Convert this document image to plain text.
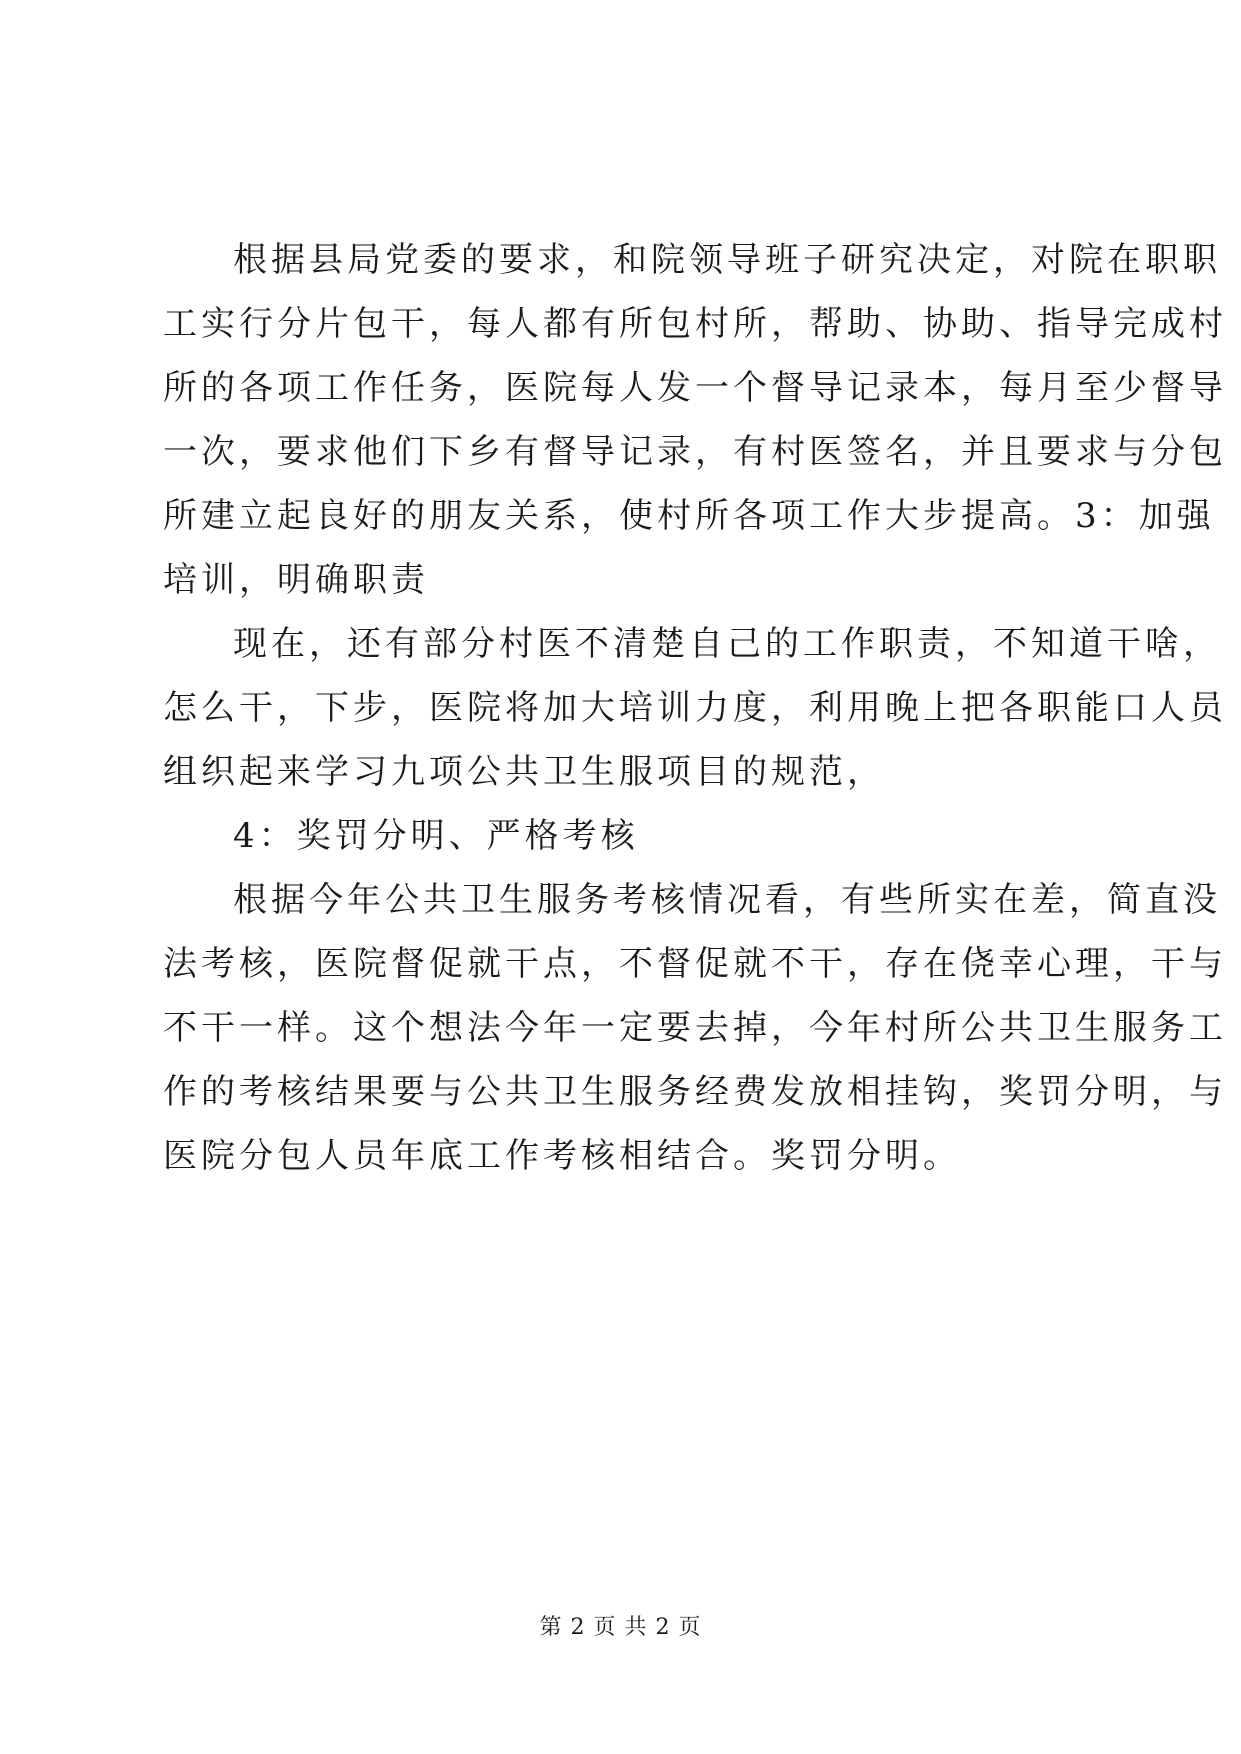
根据县局党委的要求，和院领导班子研究决定，对院在职职
工实行分片包干，每人都有所包村所，帮助、协助、指导完成村
所的各项工作任务，医院每人发一个督导记录本，每月至少督导
一次，要求他们下乡有督导记录，有村医签名，并且要求与分包
所建立起良好的朋友关系，使村所各项工作大步提高。3：加强
培训，明确职责
现在，还有部分村医不清楚自己的工作职责，不知道干啥，
怎么干，下步，医院将加大培训力度，利用晚上把各职能口人员
组织起来学习九项公共卫生服项目的规范，
4：奖罚分明、严格考核
根据今年公共卫生服务考核情况看，有些所实在差，简直没
法考核，医院督促就干点，不督促就不干，存在侥幸心理，干与
不干一样。这个想法今年一定要去掉，今年村所公共卫生服务工
作的考核结果要与公共卫生服务经费发放相挂钩，奖罚分明，与
医院分包人员年底工作考核相结合。奖罚分明。
第 2 页 共 2 页
